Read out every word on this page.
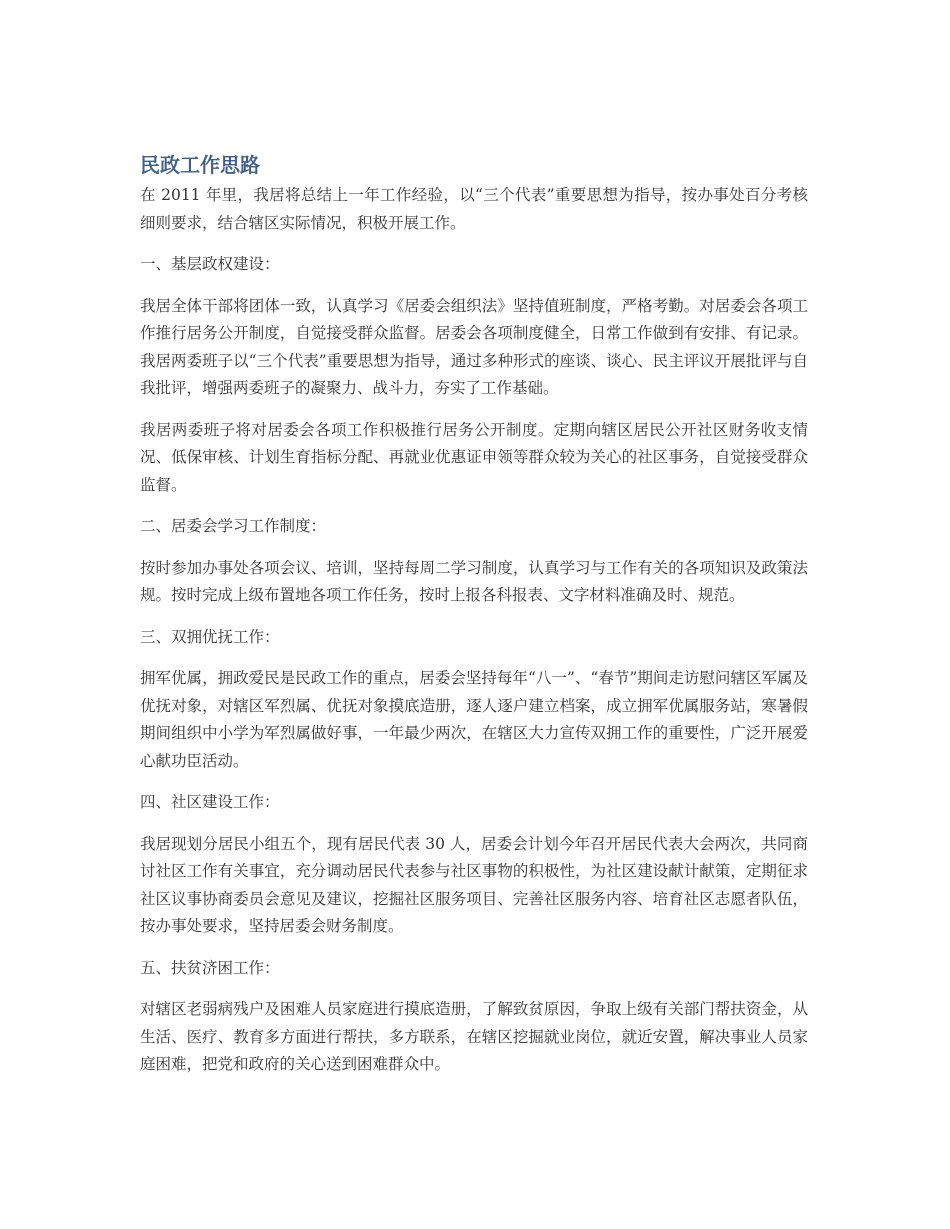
民政工作思路

在 2011 年里，我居将总结上一年工作经验，以“三个代表”重要思想为指导，按办事处百分考核细则要求，结合辖区实际情况，积极开展工作。

一、基层政权建设：

我居全体干部将团体一致，认真学习《居委会组织法》坚持值班制度，严格考勤。对居委会各项工作推行居务公开制度，自觉接受群众监督。居委会各项制度健全，日常工作做到有安排、有记录。我居两委班子以“三个代表”重要思想为指导，通过多种形式的座谈、谈心、民主评议开展批评与自我批评，增强两委班子的凝聚力、战斗力，夯实了工作基础。

我居两委班子将对居委会各项工作积极推行居务公开制度。定期向辖区居民公开社区财务收支情况、低保审核、计划生育指标分配、再就业优惠证申领等群众较为关心的社区事务，自觉接受群众监督。

二、居委会学习工作制度：

按时参加办事处各项会议、培训，坚持每周二学习制度，认真学习与工作有关的各项知识及政策法规。按时完成上级布置地各项工作任务，按时上报各科报表、文字材料准确及时、规范。

三、双拥优抚工作：

拥军优属，拥政爱民是民政工作的重点，居委会坚持每年“八一”、“春节”期间走访慰问辖区军属及优抚对象，对辖区军烈属、优抚对象摸底造册，逐人逐户建立档案，成立拥军优属服务站，寒暑假期间组织中小学为军烈属做好事，一年最少两次，在辖区大力宣传双拥工作的重要性，广泛开展爱心献功臣活动。

四、社区建设工作：

我居现划分居民小组五个，现有居民代表 30 人，居委会计划今年召开居民代表大会两次，共同商讨社区工作有关事宜，充分调动居民代表参与社区事物的积极性，为社区建设献计献策，定期征求社区议事协商委员会意见及建议，挖掘社区服务项目、完善社区服务内容、培育社区志愿者队伍，按办事处要求，坚持居委会财务制度。

五、扶贫济困工作：

对辖区老弱病残户及困难人员家庭进行摸底造册，了解致贫原因，争取上级有关部门帮扶资金，从生活、医疗、教育多方面进行帮扶，多方联系，在辖区挖掘就业岗位，就近安置，解决事业人员家庭困难，把党和政府的关心送到困难群众中。
